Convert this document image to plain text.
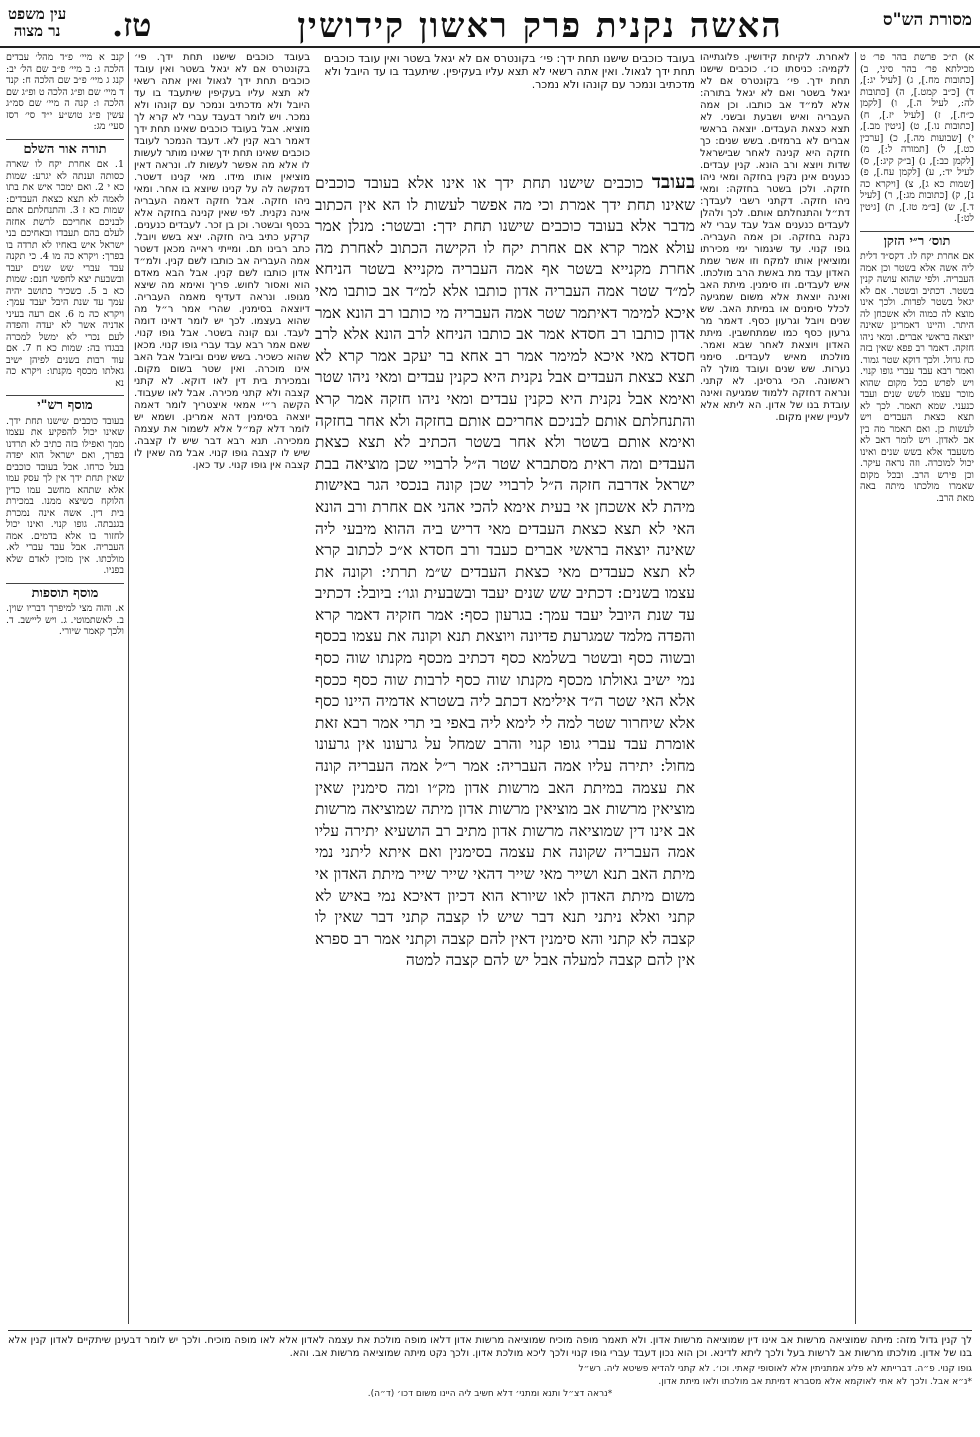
עין משפט
נר מצוה טז.	האשה נקנית פרק ראשון קידושין	מסורת הש"ס

קנב א מיי׳ פ״ד מהל׳ עבדים הלכה ג: ב מיי׳ פ״ב שם הל׳ יב: קנג ג מיי׳ פ״ב שם הלכה ח: קנד ד מיי׳ שם ופ״ג הלכה ט ופ״ג שם הלכה ו: קנה ה מיי׳ שם סמ״ג עשין פ״ג טוש״ע י״ד סי׳ רסז סעי׳ מג:

תורה אור השלם

1. אם אחרת יקח לו שארה כסותה וענתה לא יגרע: שמות כא י 2. ואם ימכר איש את בתו לאמה לא תצא כצאת העבדים: שמות כא ז 3. והתנחלתם אתם לבניכם אחריכם לרשת אחזה לעלם בהם תעבדו ובאחיכם בני ישראל איש באחיו לא תרדה בו בפרך: ויקרא כה מו 4. כי תקנה עבד עברי שש שנים יעבד ובשבעת יצא לחפשי חנם: שמות כא ב 5. כשכיר כתושב יהיה עמך עד שנת היבל יעבד עמך: ויקרא כה מ 6. אם רעה בעיני אדניה אשר לא יעדה והפדה לעם נכרי לא ימשל למכרה בבגדו בה: שמות כא ח 7. אם עוד רבות בשנים לפיהן ישיב גאלתו מכסף מקנתו: ויקרא כה נא

מוסף רש"י

בעובד כוכבים שישנו תחת ידך. שאינו יכול להפקיע את עצמו ממך ואפילו בזה כתיב לא תרדנו בפרך, ואם ישראל הוא יפדה בעל כרחו. אבל בעובד כוכבים שאין תחת ידך אין לך עסק עמו אלא שתהא מחשב עמו כדין הלוקח כשיצא ממנו. במכירת בית דין. אשה אינה נמכרת בגנבתה. גופו קנוי. ואינו יכול לחזור בו אלא בדמים. אמה העבריה. אבל עבד עברי לא. מולכתו. אין מזכין לאדם שלא בפניו.

מוסף תוספות

א. והוה מצי למיפרך דבריו שוין. ב. לאשתמוטי. ג. ויש ליישב. ד. ולכך קאמר שיורי.

בעובד כוכבים שישנו תחת ידך. פי׳ בקונטרס אם לא יגאל בשטר ואין עובד כוכבים תחת ידך לגאול ואין אתה רשאי לא תצא עליו בעקיפין שיתעבד בו עד היובל ולא מדכתיב ונמכר עם קונהו ולא נמכר. ויש לומר דבעבד עברי לא קרא לך מוציא. אבל בעובד כוכבים שאינו תחת ידך דאמר רבא קנין לא. דעבד הנמכר לעובד כוכבים שאינו תחת ידך שאינו מותר לעשות לו אלא מה אפשר לעשות לו. ונראה דאין מוציאין אותו מידו. מאי קנינו דשטר. דמקשה לה על קנינו שיוצא בו אחר. ומאי ניהו חזקה. אבל חזקה דאמה העבריה אינה נקנית. לפי שאין קנינה בחזקה אלא בכסף ובשטר. וכן בן זכר. לעבדים כנענים. קרקע כתיב ביה חזקה. יצא בשש ויובל. כתב רבינו תם. ומייתי ראייה מכאן דשטר אמה העבריה אב כותבו לשם קנין. ולמ״ד אדון כותבו לשם קנין. אבל הבא מאדם הוא ואסור לחוש. פריך ואימא מה שיצא מגופו. ונראה דעדיף מאמה העבריה. דיוצאה בסימנין. שהרי אמר ר״ל מה שהוא בעצמו. לכך יש לומר דאינו דומה לעבד. וגם קונה בשטר. אבל גופו קנוי. שאם אמר רבא עבד עברי גופו קנוי. מכאן שהוא כשכיר. בשש שנים וביובל אבל האב אינו מוכרה. ואין שטר בשום מקום. ובמכירת בית דין לאו דוקא. לא קתני קצבה ולא קתני מכירה. אבל לאו שעבוד. הקשה ר״י אמאי איצטריך לומר דאמה יוצאה בסימנין דהא אמרינן. ושמא יש לומר דלא קמ״ל אלא לשמור את עצמה ממכירה. תנא רבא דבר שיש לו קצבה. שיש לו קצבה גופו קנוי. אבל מה שאין לו קצבה אין גופו קנוי. עד כאן.

בעובד כוכבים שישנו תחת ידך: פי׳ בקונטרס אם לא יגאל בשטר ואין עובד כוכבים תחת ידך לגאול. ואין אתה רשאי לא תצא עליו בעקיפין. שיתעבד בו עד היובל ולא מדכתיב ונמכר עם קונהו ולא נמכר.

בעובד כוכבים שישנו תחת ידך או אינו אלא בעובד כוכבים שאינו תחת ידך אמרת וכי מה אפשר לעשות לו הא אין הכתוב מדבר אלא בעובד כוכבים שישנו תחת ידך: ובשטר: מנלן אמר עולא אמר קרא אם אחרת יקח לו הקישה הכתוב לאחרת מה אחרת מקנייא בשטר אף אמה העבריה מקנייא בשטר הניחא למ״ד שטר אמה העבריה אדון כותבו אלא למ״ד אב כותבו מאי איכא למימר דאיתמר שטר אמה העבריה מי כותבו רב הונא אמר אדון כותבו רב חסדא אמר אב כותבו הניחא לרב הונא אלא לרב חסדא מאי איכא למימר אמר רב אחא בר יעקב אמר קרא לא תצא כצאת העבדים אבל נקנית היא כקנין עבדים ומאי ניהו שטר ואימא אבל נקנית היא כקנין עבדים ומאי ניהו חזקה אמר קרא והתנחלתם אותם לבניכם אחריכם אותם בחזקה ולא אחר בחזקה ואימא אותם בשטר ולא אחר בשטר הכתיב לא תצא כצאת העבדים ומה ראית מסתברא שטר ה״ל לרבויי שכן מוציאה בבת ישראל אדרבה חזקה ה״ל לרבויי שכן קונה בנכסי הגר באישות מיהת לא אשכחן אי בעית אימא להכי אהני אם אחרת ורב הונא האי לא תצא כצאת העבדים מאי דריש ביה ההוא מיבעי ליה שאינה יוצאה בראשי אברים כעבד ורב חסדא א״כ לכתוב קרא לא תצא כעבדים מאי כצאת העבדים ש״מ תרתי: וקונה את עצמו בשנים: דכתיב שש שנים יעבד ובשבעית וגו׳: ביובל: דכתיב עד שנת היובל יעבד עמך: בגרעון כסף: אמר חזקיה דאמר קרא והפדה מלמד שמגרעת פדיונה ויוצאת תנא וקונה את עצמו בכסף ובשוה כסף ובשטר בשלמא כסף דכתיב מכסף מקנתו שוה כסף נמי ישיב גאולתו מכסף מקנתו שוה כסף לרבות שוה כסף ככסף אלא האי שטר ה״ד אילימא דכתב ליה בשטרא אדמיה היינו כסף אלא שיחרור שטר למה לי לימא ליה באפי בי תרי אמר רבא זאת אומרת עבד עברי גופו קנוי והרב שמחל על גרעונו אין גרעונו מחול: יתירה עליו אמה העבריה: אמר ר״ל אמה העבריה קונה את עצמה במיתת האב מרשות אדון מק״ו ומה סימנין שאין מוציאין מרשות אב מוציאין מרשות אדון מיתה שמוציאה מרשות אב אינו דין שמוציאה מרשות אדון מתיב רב הושעיא יתירה עליו אמה העבריה שקונה את עצמה בסימנין ואם איתא ליתני נמי מיתת האב תנא ושייר מאי שייר דהאי שייר שייר מיתת האדון אי משום מיתת האדון לאו שיורא הוא דכיון דאיכא נמי באיש לא קתני ואלא ניתני תנא דבר שיש לו קצבה קתני דבר שאין לו קצבה לא קתני והא סימנין דאין להם קצבה וקתני אמר רב ספרא אין להם קצבה למעלה אבל יש להם קצבה למטה

לאחרת. לקיחת קידושין. פלוגתייהו לקמיה: כניסתו כו׳. כוכבים שישנו תחת ידך. פי׳ בקונטרס אם לא יגאל בשטר ואם לא יגאל בתורה: אלא למ״ד אב כותבו. וכן אמה העבריה ואיש ושבעת ובשני. לא תצא כצאת העבדים. יוצאה בראשי אברים לא ברמזים. בשש שנים: כך חזקה היא קנינה לאחר שבישראל שדות ויוצא ורב הונא. קנין עבדים. כנענים אינן נקנין בחזקה ומאי ניהו חזקה. ולכן בשטר בחזקה: ומאי ניהו חזקה. דקתני רשבי לעבדך: דת״ל והתנחלתם אותם. לכך ולהלן לעבדים כנענים אבל עבד עברי לא נקנה בחזקה. וכן אמה העבריה. גופו קנוי. עד שיגמור ימי מכירתו ומוציאין אותו למקח וזו אשר שמת האדון עבד מת באשת הרב מולכתו. איש לעבדים. וזו סימנין. מיתת האב ואינה יוצאת אלא משום שמגיעה לכלל סימנים או במיתת האב. שש שנים ויובל וגרעון כסף. דאמר מר גרעון כסף כמו שמתחשבין. מיתת האדון ויוצאת לאחר שבא ואמר. מולכתו מאיש לעבדים. סימני נערות. שש שנים ועובד מולך לה ראשונה. הכי גרסינן. לא קתני. ונראה דחזקה ללמוד שמגיעה ואינה עובדת בנו של אדון. הא ליתא אלא לעניין שאין מקום.

א) ת״כ פרשת בהר פר׳ ט מכילתא פר׳ בהר סיני, ב) [כתובות מח.], ג) [לעיל יג:], ד) [כ״ב קמט.], ה) [כתובות לה:, לעיל ה.], ו) [לקמן כ״ח.], ז) [לעיל יז.], ח) [כתובות נו.], ט) [גיטין מב.], י) [שבועות מה.], כ) [ערכין כט.], ל) [תמורה ל:], מ) [לקמן כב:], נ) [ב״ק קיג:], ס) לעיל יד:, ע) [לקמן עח.], פ) [שמות כא ג], צ) [ויקרא כה נ], ק) [כתובות מג:], ר) [לעיל ד.], ש) [ב״מ טז.], ת) [גיטין לט:].

תוס׳ ר״י הזקן

אם אחרת יקח לו. דקס״ד דלית ליה אשה אלא בשטר וכן אמה העבריה. ולפי שהוא עושה קנין בשטר. דכתיב ובשטר. אם לא יגאל בשטר לפדות. ולכך אינו מוצא לה כמוה ולא אשכחן לה היתר. והיינו דאמרינן שאינה יוצאה בראשי אברים. ומאי ניהו חזקה. דאמר רב פפא שאין בזה כח גדול. ולכך דוקא שטר גמור. ואמר רבא עבד עברי גופו קנוי. ויש לפרש בכל מקום שהוא מוכר עצמו לשש שנים ועבד כנעני. שמא תאמר. לכך לא תצא כצאת העבדים ויש לעשות כן. ואם תאמר מה בין אב לאדון. ויש לומר דאב לא משעבד אלא בשש שנים ואינו יכול למוכרה. וזה נראה עיקר. וכן פירש הרב. ובכל מקום שאמרו מולכתו מיתה באה מאת הרב.

לך קנין גדול מזה: מיתה שמוציאה מרשות אב אינו דין שמוציאה מרשות אדון. ולא תאמר מופה מוכיח שמוציאה מרשות אדון דלאו מופה מולכת את עצמה לאדון אלא לאו מופה מוכיח. ולכך יש לומר דבעינן שיתקיים לאדון קנין אלא בנו של אדון. מולכתו מרשות אב לרשות בעל ולכך ליתא לדינא. וכן הוא נכון דעבד עברי גופו קנוי ולכך ליכא מולכת אדון. ולכך נקט מיתה שמוציאה מרשות אב. והא.

גופו קנוי. פ״ה. דברייתא לא פליג אמתניתין אלא לאוסופי קאתי. וכו׳. לא קתני להדיא פשיטא ליה. רש״ל

*נ״א אבל. ולכך לא אתי לאוקמא אלא מסברא דמיתת אב מולכתו ולאו מיתת אדון.

*נראה דצ״ל ותנא ומתני׳ דלא חשיב ליה היינו משום דכו׳ (ד״ה).
